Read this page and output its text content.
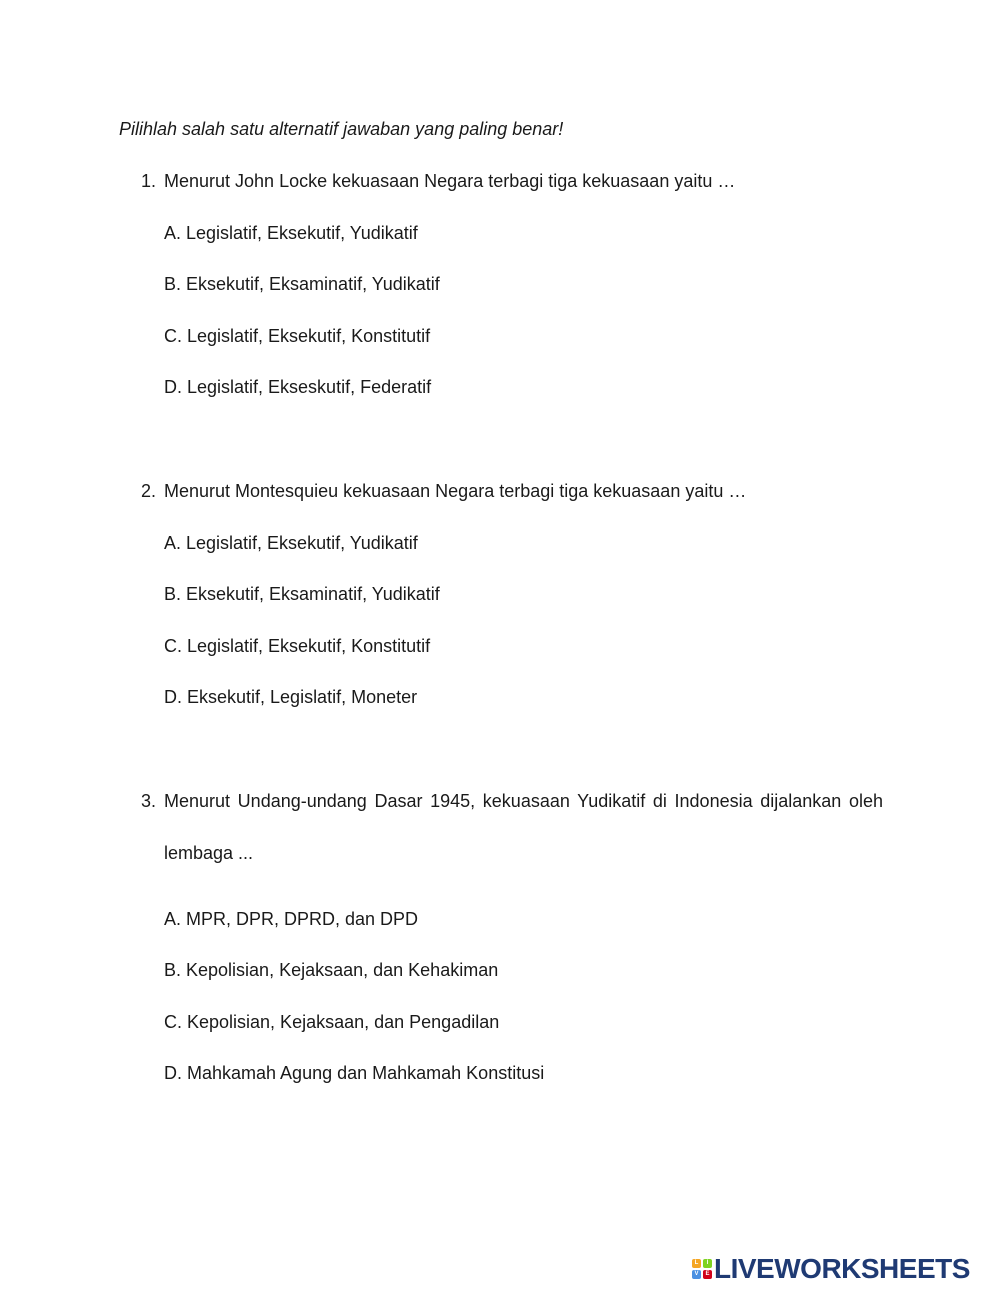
Pilihlah salah satu alternatif jawaban yang paling benar!

1. Menurut John Locke kekuasaan Negara terbagi tiga kekuasaan yaitu …
A. Legislatif, Eksekutif, Yudikatif
B. Eksekutif, Eksaminatif, Yudikatif
C. Legislatif, Eksekutif, Konstitutif
D. Legislatif, Ekseskutif, Federatif
2. Menurut Montesquieu kekuasaan Negara terbagi tiga kekuasaan yaitu …
A. Legislatif, Eksekutif, Yudikatif
B. Eksekutif, Eksaminatif, Yudikatif
C. Legislatif, Eksekutif, Konstitutif
D. Eksekutif, Legislatif, Moneter
3. Menurut Undang-undang Dasar 1945, kekuasaan Yudikatif di Indonesia dijalankan oleh lembaga ...
A. MPR, DPR, DPRD, dan DPD
B. Kepolisian, Kejaksaan, dan Kehakiman
C. Kepolisian, Kejaksaan, dan Pengadilan
D. Mahkamah Agung dan Mahkamah Konstitusi
L	I
V	E LIVEWORKSHEETS
